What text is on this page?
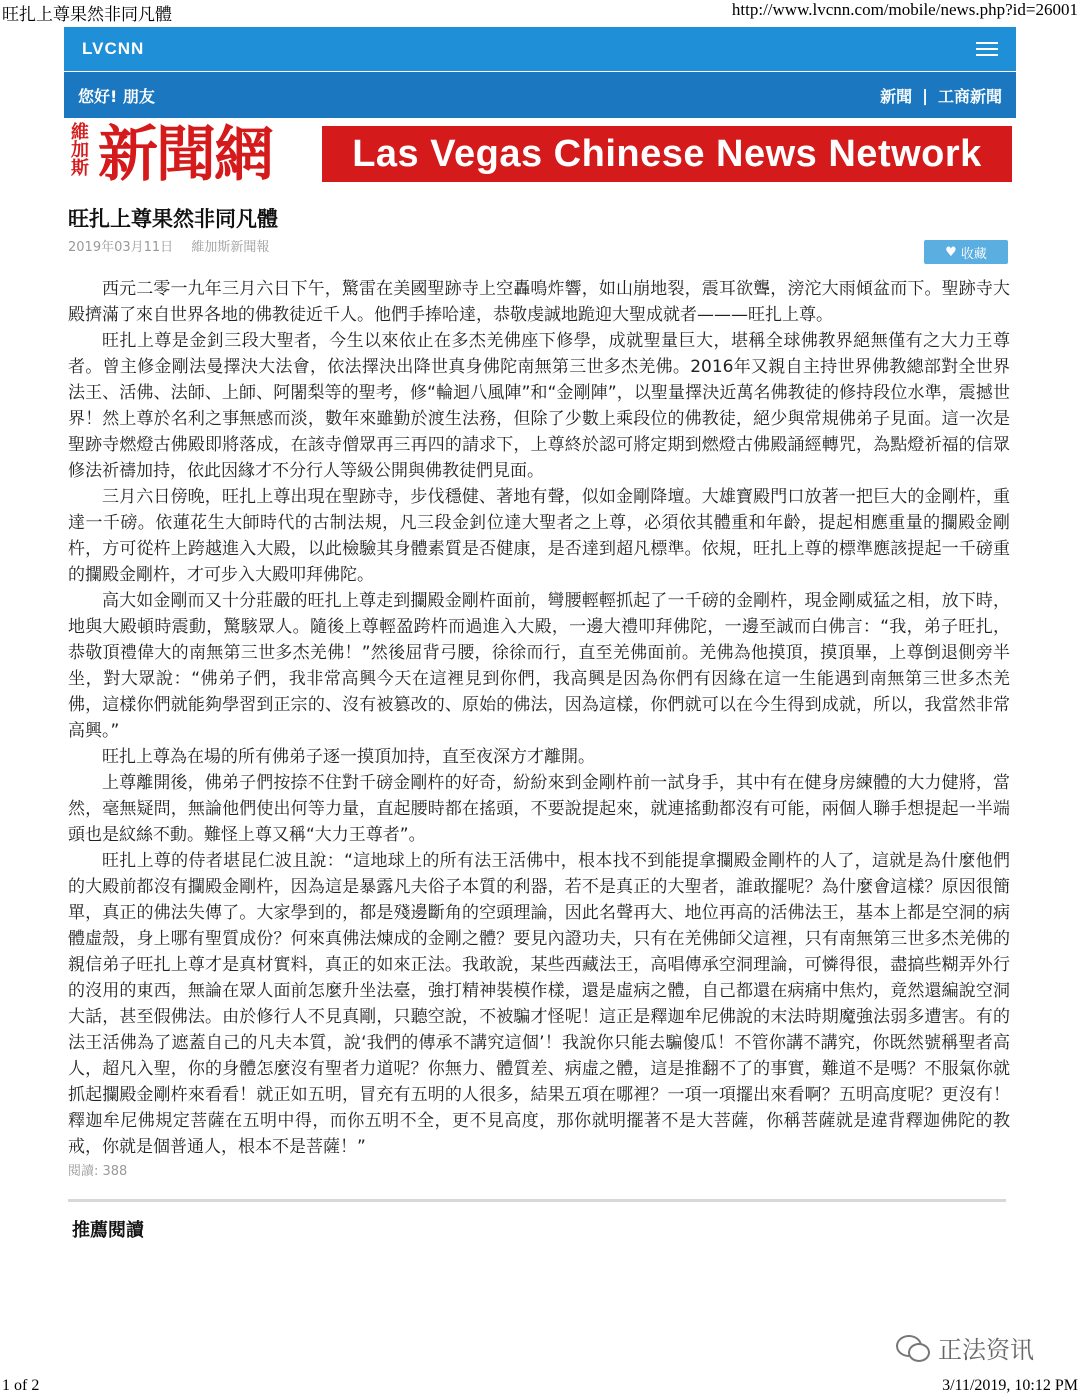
旺扎上尊果然非同凡體	http://www.lvcnn.com/mobile/news.php?id=26001
LVCNN
您好! 朋友	新聞 | 工商新聞
維加斯 新聞網	Las Vegas Chinese News Network
旺扎上尊果然非同凡體
2019年03月11日 維加斯新聞報	♥ 收藏

西元二零一九年三月六日下午，驚雷在美國聖跡寺上空轟鳴炸響，如山崩地裂，震耳欲聾，滂沱大雨傾盆而下。聖跡寺大殿擠滿了來自世界各地的佛教徒近千人。他們手捧哈達，恭敬虔誠地跪迎大聖成就者———旺扎上尊。

旺扎上尊是金釗三段大聖者，今生以來依止在多杰羌佛座下修學，成就聖量巨大，堪稱全球佛教界絕無僅有之大力王尊者。曾主修金剛法曼擇決大法會，依法擇決出降世真身佛陀南無第三世多杰羌佛。2016年又親自主持世界佛教總部對全世界法王、活佛、法師、上師、阿闍梨等的聖考，修“輪迴八風陣”和“金剛陣”，以聖量擇決近萬名佛教徒的修持段位水準，震撼世界！然上尊於名利之事無感而淡，數年來雖勤於渡生法務，但除了少數上乘段位的佛教徒，絕少與常規佛弟子見面。這一次是聖跡寺燃燈古佛殿即將落成，在該寺僧眾再三再四的請求下，上尊終於認可將定期到燃燈古佛殿誦經轉咒，為點燈祈福的信眾修法祈禱加持，依此因緣才不分行人等級公開與佛教徒們見面。

三月六日傍晚，旺扎上尊出現在聖跡寺，步伐穩健、著地有聲，似如金剛降壇。大雄寶殿門口放著一把巨大的金剛杵，重達一千磅。依蓮花生大師時代的古制法規，凡三段金釗位達大聖者之上尊，必須依其體重和年齡，提起相應重量的攔殿金剛杵，方可從杵上跨越進入大殿，以此檢驗其身體素質是否健康，是否達到超凡標準。依規，旺扎上尊的標準應該提起一千磅重的攔殿金剛杵，才可步入大殿叩拜佛陀。

高大如金剛而又十分莊嚴的旺扎上尊走到攔殿金剛杵面前，彎腰輕輕抓起了一千磅的金剛杵，現金剛威猛之相，放下時，地與大殿頓時震動，驚駭眾人。隨後上尊輕盈跨杵而過進入大殿，一邊大禮叩拜佛陀，一邊至誠而白佛言：“我，弟子旺扎，恭敬頂禮偉大的南無第三世多杰羌佛！”然後屈背弓腰，徐徐而行，直至羌佛面前。羌佛為他摸頂，摸頂畢，上尊倒退側旁半坐，對大眾說：“佛弟子們，我非常高興今天在這裡見到你們，我高興是因為你們有因緣在這一生能遇到南無第三世多杰羌佛，這樣你們就能夠學習到正宗的、沒有被篡改的、原始的佛法，因為這樣，你們就可以在今生得到成就，所以，我當然非常高興。”

旺扎上尊為在場的所有佛弟子逐一摸頂加持，直至夜深方才離開。

上尊離開後，佛弟子們按捺不住對千磅金剛杵的好奇，紛紛來到金剛杵前一試身手，其中有在健身房練體的大力健將，當然，毫無疑問，無論他們使出何等力量，直起腰時都在搖頭，不要說提起來，就連搖動都沒有可能，兩個人聯手想提起一半端頭也是紋絲不動。難怪上尊又稱“大力王尊者”。

旺扎上尊的侍者堪昆仁波且說：“這地球上的所有法王活佛中，根本找不到能提拿攔殿金剛杵的人了，這就是為什麼他們的大殿前都沒有攔殿金剛杵，因為這是暴露凡夫俗子本質的利器，若不是真正的大聖者，誰敢擺呢？為什麼會這樣？原因很簡單，真正的佛法失傳了。大家學到的，都是殘邊斷角的空頭理論，因此名聲再大、地位再高的活佛法王，基本上都是空洞的病體虛殼，身上哪有聖質成份？何來真佛法煉成的金剛之體？要見內證功夫，只有在羌佛師父這裡，只有南無第三世多杰羌佛的親信弟子旺扎上尊才是真材實料，真正的如來正法。我敢說，某些西藏法王，高唱傳承空洞理論，可憐得很，盡搞些糊弄外行的沒用的東西，無論在眾人面前怎麼升坐法臺，強打精神裝模作樣，還是虛病之體，自己都還在病痛中焦灼，竟然還編說空洞大話，甚至假佛法。由於修行人不見真剛，只聽空說，不被騙才怪呢！這正是釋迦牟尼佛說的末法時期魔強法弱多遭害。有的法王活佛為了遮蓋自己的凡夫本質，說‘我們的傳承不講究這個’！我說你只能去騙傻瓜！不管你講不講究，你既然號稱聖者高人，超凡入聖，你的身體怎麼沒有聖者力道呢？你無力、體質差、病虛之體，這是推翻不了的事實，難道不是嗎？不服氣你就抓起攔殿金剛杵來看看！就正如五明，冒充有五明的人很多，結果五項在哪裡？一項一項擺出來看啊？五明高度呢？更沒有！釋迦牟尼佛規定菩薩在五明中得，而你五明不全，更不見高度，那你就明擺著不是大菩薩，你稱菩薩就是違背釋迦佛陀的教戒，你就是個普通人，根本不是菩薩！”

閱讀: 388
推薦閱讀
正法资讯
1 of 2	3/11/2019, 10:12 PM
